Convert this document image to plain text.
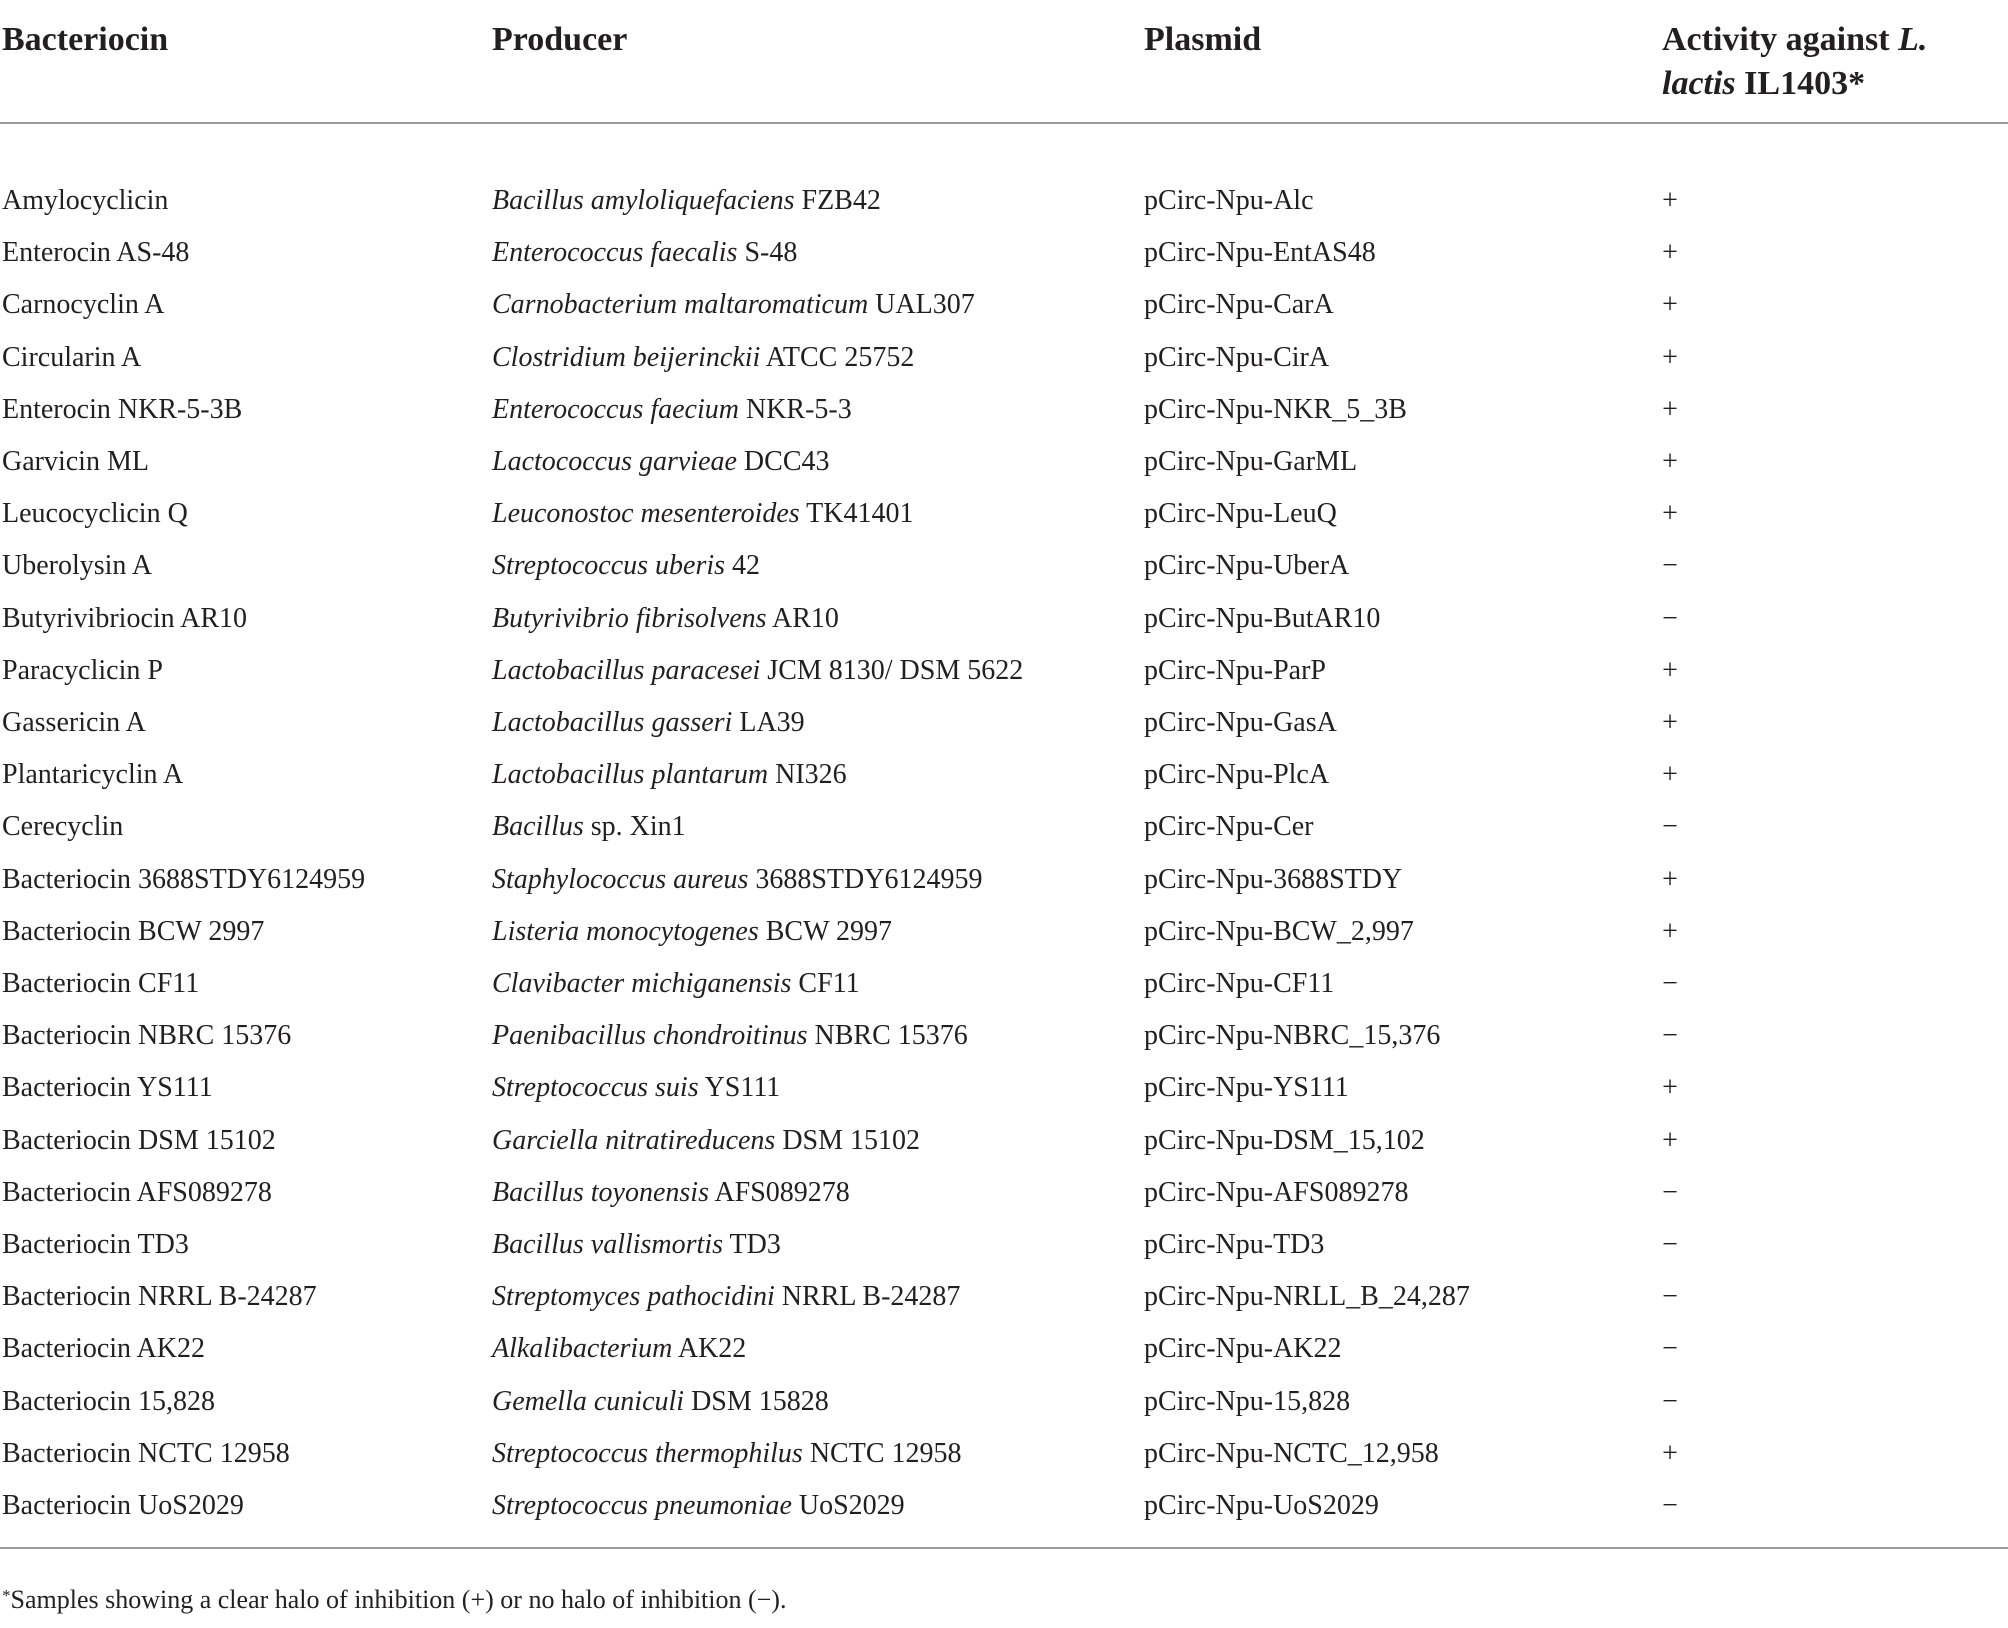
Bacteriocin	Producer	Plasmid	Activity against L.
lactis IL1403*
Amylocyclicin	Bacillus amyloliquefaciens FZB42	pCirc-Npu-Alc	+
Enterocin AS-48	Enterococcus faecalis S-48	pCirc-Npu-EntAS48	+
Carnocyclin A	Carnobacterium maltaromaticum UAL307	pCirc-Npu-CarA	+
Circularin A	Clostridium beijerinckii ATCC 25752	pCirc-Npu-CirA	+
Enterocin NKR-5-3B	Enterococcus faecium NKR-5-3	pCirc-Npu-NKR_5_3B	+
Garvicin ML	Lactococcus garvieae DCC43	pCirc-Npu-GarML	+
Leucocyclicin Q	Leuconostoc mesenteroides TK41401	pCirc-Npu-LeuQ	+
Uberolysin A	Streptococcus uberis 42	pCirc-Npu-UberA	−
Butyrivibriocin AR10	Butyrivibrio fibrisolvens AR10	pCirc-Npu-ButAR10	−
Paracyclicin P	Lactobacillus paracesei JCM 8130/ DSM 5622	pCirc-Npu-ParP	+
Gassericin A	Lactobacillus gasseri LA39	pCirc-Npu-GasA	+
Plantaricyclin A	Lactobacillus plantarum NI326	pCirc-Npu-PlcA	+
Cerecyclin	Bacillus sp. Xin1	pCirc-Npu-Cer	−
Bacteriocin 3688STDY6124959	Staphylococcus aureus 3688STDY6124959	pCirc-Npu-3688STDY	+
Bacteriocin BCW 2997	Listeria monocytogenes BCW 2997	pCirc-Npu-BCW_2,997	+
Bacteriocin CF11	Clavibacter michiganensis CF11	pCirc-Npu-CF11	−
Bacteriocin NBRC 15376	Paenibacillus chondroitinus NBRC 15376	pCirc-Npu-NBRC_15,376	−
Bacteriocin YS111	Streptococcus suis YS111	pCirc-Npu-YS111	+
Bacteriocin DSM 15102	Garciella nitratireducens DSM 15102	pCirc-Npu-DSM_15,102	+
Bacteriocin AFS089278	Bacillus toyonensis AFS089278	pCirc-Npu-AFS089278	−
Bacteriocin TD3	Bacillus vallismortis TD3	pCirc-Npu-TD3	−
Bacteriocin NRRL B-24287	Streptomyces pathocidini NRRL B-24287	pCirc-Npu-NRLL_B_24,287	−
Bacteriocin AK22	Alkalibacterium AK22	pCirc-Npu-AK22	−
Bacteriocin 15,828	Gemella cuniculi DSM 15828	pCirc-Npu-15,828	−
Bacteriocin NCTC 12958	Streptococcus thermophilus NCTC 12958	pCirc-Npu-NCTC_12,958	+
Bacteriocin UoS2029	Streptococcus pneumoniae UoS2029	pCirc-Npu-UoS2029	−
*Samples showing a clear halo of inhibition (+) or no halo of inhibition (−).
